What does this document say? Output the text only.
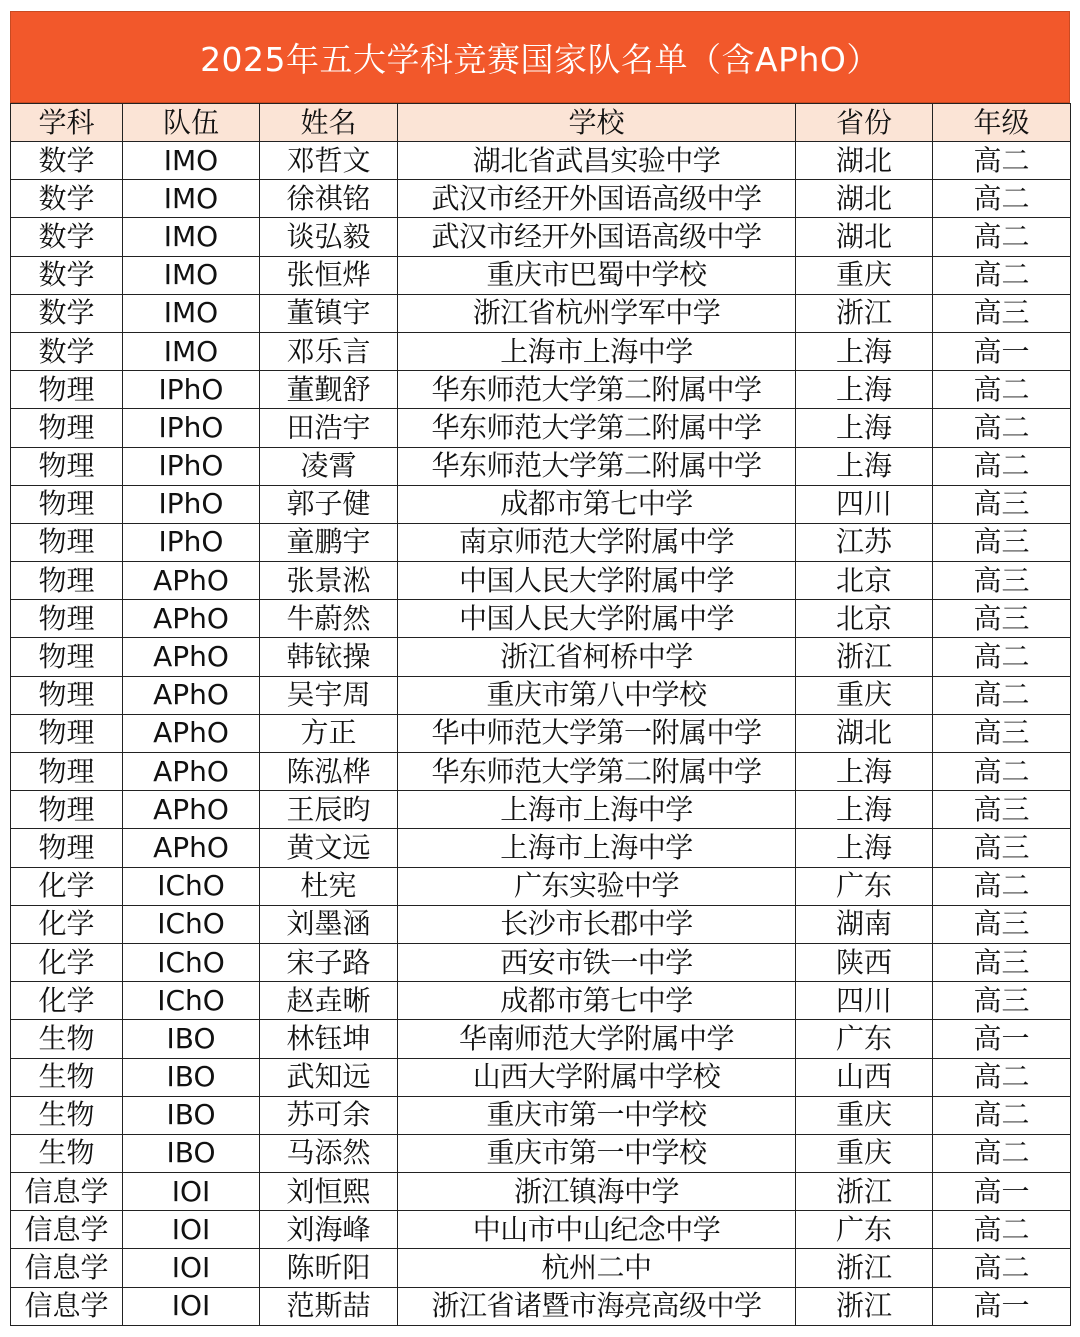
2025年五大学科竞赛国家队名单（含APhO）
学科	队伍	姓名	学校	省份	年级
数学	IMO	邓哲文	湖北省武昌实验中学	湖北	高二
数学	IMO	徐祺铭	武汉市经开外国语高级中学	湖北	高二
数学	IMO	谈弘毅	武汉市经开外国语高级中学	湖北	高二
数学	IMO	张恒烨	重庆市巴蜀中学校	重庆	高二
数学	IMO	董镇宇	浙江省杭州学军中学	浙江	高三
数学	IMO	邓乐言	上海市上海中学	上海	高一
物理	IPhO	董觐舒	华东师范大学第二附属中学	上海	高二
物理	IPhO	田浩宇	华东师范大学第二附属中学	上海	高二
物理	IPhO	凌霄	华东师范大学第二附属中学	上海	高二
物理	IPhO	郭子健	成都市第七中学	四川	高三
物理	IPhO	童鹏宇	南京师范大学附属中学	江苏	高三
物理	APhO	张景淞	中国人民大学附属中学	北京	高三
物理	APhO	牛蔚然	中国人民大学附属中学	北京	高三
物理	APhO	韩铱操	浙江省柯桥中学	浙江	高二
物理	APhO	吴宇周	重庆市第八中学校	重庆	高二
物理	APhO	方正	华中师范大学第一附属中学	湖北	高三
物理	APhO	陈泓桦	华东师范大学第二附属中学	上海	高二
物理	APhO	王辰昀	上海市上海中学	上海	高三
物理	APhO	黄文远	上海市上海中学	上海	高三
化学	IChO	杜宪	广东实验中学	广东	高二
化学	IChO	刘墨涵	长沙市长郡中学	湖南	高三
化学	IChO	宋子路	西安市铁一中学	陕西	高三
化学	IChO	赵垚晰	成都市第七中学	四川	高三
生物	IBO	林钰坤	华南师范大学附属中学	广东	高一
生物	IBO	武知远	山西大学附属中学校	山西	高二
生物	IBO	苏可余	重庆市第一中学校	重庆	高二
生物	IBO	马添然	重庆市第一中学校	重庆	高二
信息学	IOI	刘恒熙	浙江镇海中学	浙江	高一
信息学	IOI	刘海峰	中山市中山纪念中学	广东	高二
信息学	IOI	陈昕阳	杭州二中	浙江	高二
信息学	IOI	范斯喆	浙江省诸暨市海亮高级中学	浙江	高一
